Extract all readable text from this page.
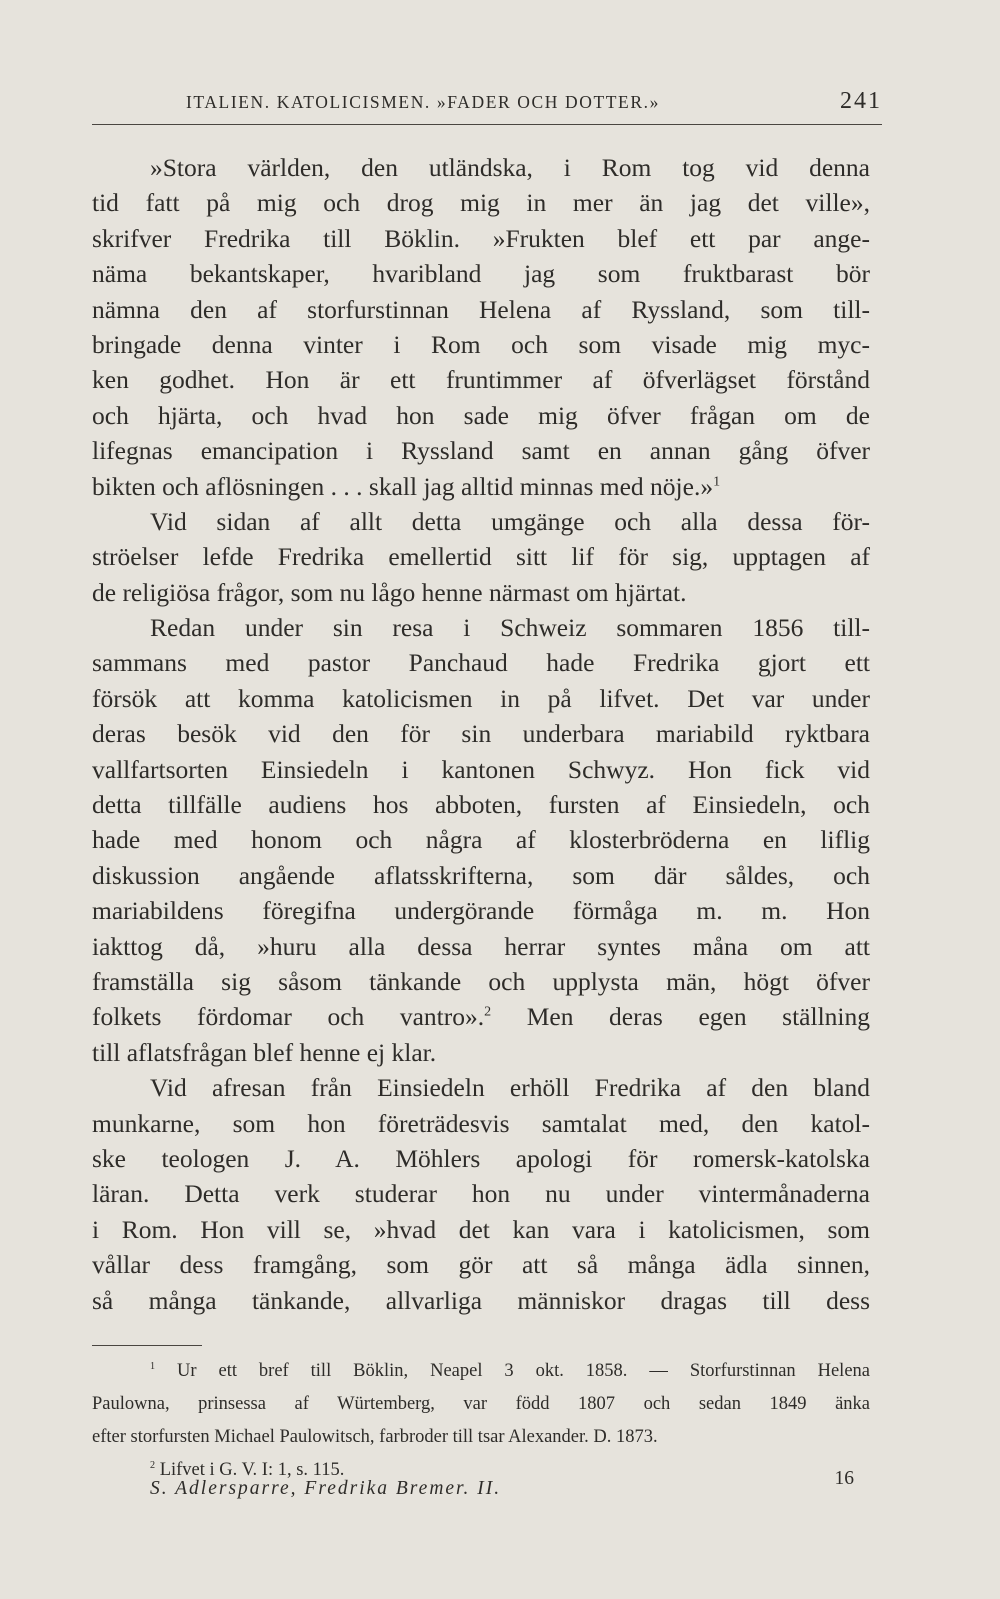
ITALIEN. KATOLICISMEN. »FADER OCH DOTTER.»	241
»Stora världen, den utländska, i Rom tog vid denna
tid fatt på mig och drog mig in mer än jag det ville»,
skrifver Fredrika till Böklin. »Frukten blef ett par ange-
näma bekantskaper, hvaribland jag som fruktbarast bör
nämna den af storfurstinnan Helena af Ryssland, som till-
bringade denna vinter i Rom och som visade mig myc-
ken godhet. Hon är ett fruntimmer af öfverlägset förstånd
och hjärta, och hvad hon sade mig öfver frågan om de
lifegnas emancipation i Ryssland samt en annan gång öfver
bikten och aflösningen . . . skall jag alltid minnas med nöje.»$^1$
Vid sidan af allt detta umgänge och alla dessa för-
ströelser lefde Fredrika emellertid sitt lif för sig, upptagen af
de religiösa frågor, som nu lågo henne närmast om hjärtat.
Redan under sin resa i Schweiz sommaren 1856 till-
sammans med pastor Panchaud hade Fredrika gjort ett
försök att komma katolicismen in på lifvet. Det var under
deras besök vid den för sin underbara mariabild ryktbara
vallfartsorten Einsiedeln i kantonen Schwyz. Hon fick vid
detta tillfälle audiens hos abboten, fursten af Einsiedeln, och
hade med honom och några af klosterbröderna en liflig
diskussion angående aflatsskrifterna, som där såldes, och
mariabildens föregifna undergörande förmåga m. m. Hon
iakttog då, »huru alla dessa herrar syntes måna om att
framställa sig såsom tänkande och upplysta män, högt öfver
folkets fördomar och vantro».$^2$ Men deras egen ställning
till aflatsfrågan blef henne ej klar.
Vid afresan från Einsiedeln erhöll Fredrika af den bland
munkarne, som hon företrädesvis samtalat med, den katol-
ske teologen J. A. Möhlers apologi för romersk-katolska
läran. Detta verk studerar hon nu under vintermånaderna
i Rom. Hon vill se, »hvad det kan vara i katolicismen, som
vållar dess framgång, som gör att så många ädla sinnen,
så många tänkande, allvarliga människor dragas till dess
$^1$ Ur ett bref till Böklin, Neapel 3 okt. 1858. — Storfurstinnan Helena
Paulowna, prinsessa af Würtemberg, var född 1807 och sedan 1849 änka
efter storfursten Michael Paulowitsch, farbroder till tsar Alexander. D. 1873.
$^2$ Lifvet i G. V. I: 1, s. 115.
S. Adlersparre, Fredrika Bremer. II.	16
